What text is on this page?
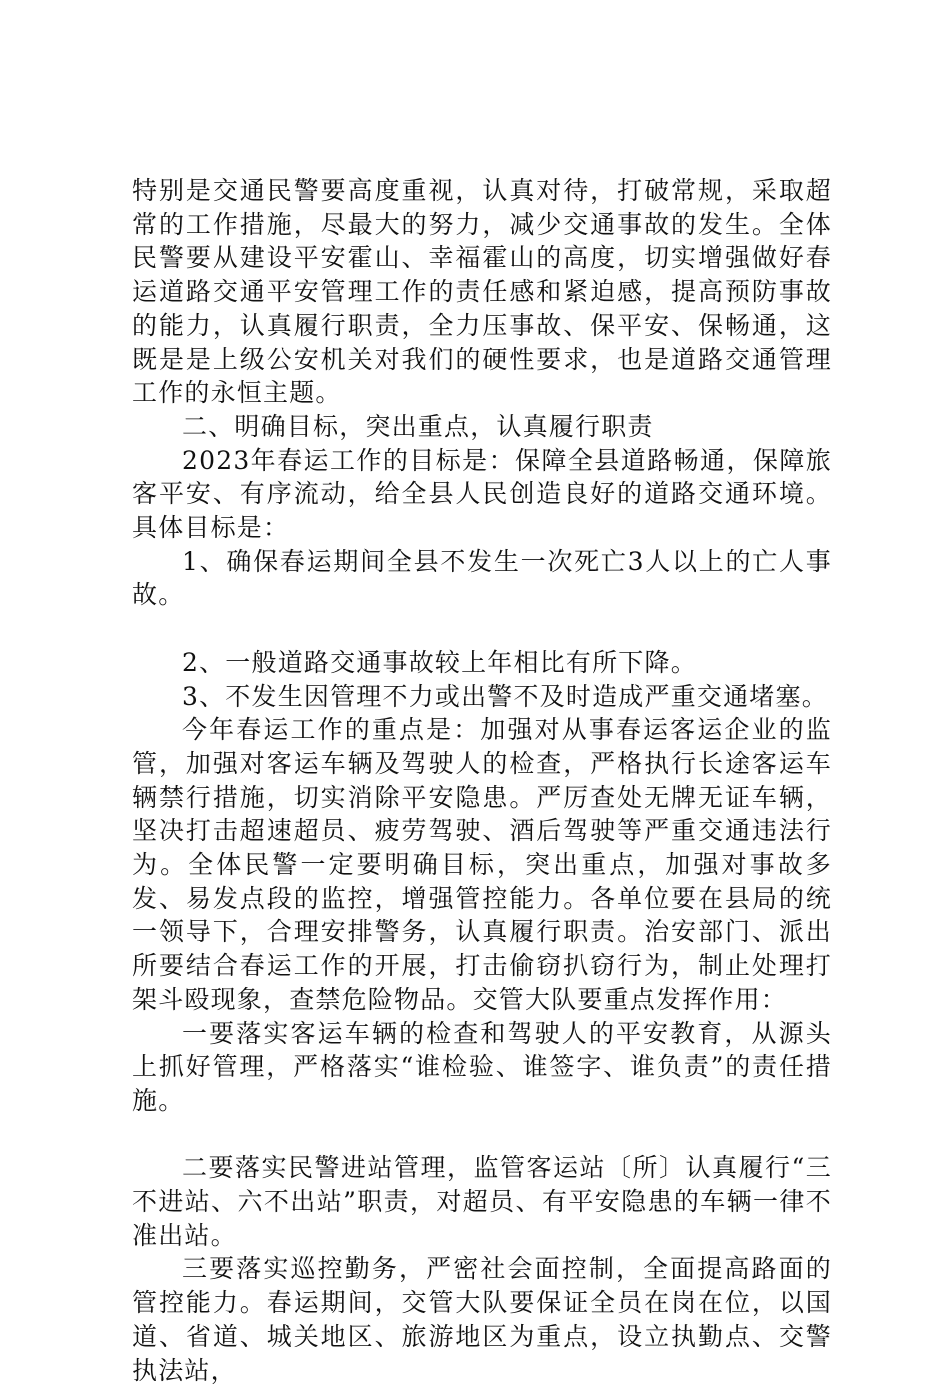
特别是交通民警要高度重视，认真对待，打破常规，采取超常的工作措施，尽最大的努力，减少交通事故的发生。全体民警要从建设平安霍山、幸福霍山的高度，切实增强做好春运道路交通平安管理工作的责任感和紧迫感，提高预防事故的能力，认真履行职责，全力压事故、保平安、保畅通，这既是是上级公安机关对我们的硬性要求，也是道路交通管理工作的永恒主题。

二、明确目标，突出重点，认真履行职责

2023年春运工作的目标是：保障全县道路畅通，保障旅客平安、有序流动，给全县人民创造良好的道路交通环境。具体目标是：

1、确保春运期间全县不发生一次死亡3人以上的亡人事故。

2、一般道路交通事故较上年相比有所下降。

3、不发生因管理不力或出警不及时造成严重交通堵塞。

今年春运工作的重点是：加强对从事春运客运企业的监管，加强对客运车辆及驾驶人的检查，严格执行长途客运车辆禁行措施，切实消除平安隐患。严厉查处无牌无证车辆，坚决打击超速超员、疲劳驾驶、酒后驾驶等严重交通违法行为。全体民警一定要明确目标，突出重点，加强对事故多发、易发点段的监控，增强管控能力。各单位要在县局的统一领导下，合理安排警务，认真履行职责。治安部门、派出所要结合春运工作的开展，打击偷窃扒窃行为，制止处理打架斗殴现象，查禁危险物品。交管大队要重点发挥作用：

一要落实客运车辆的检查和驾驶人的平安教育，从源头上抓好管理，严格落实“谁检验、谁签字、谁负责”的责任措施。

二要落实民警进站管理，监管客运站〔所〕认真履行“三不进站、六不出站”职责，对超员、有平安隐患的车辆一律不准出站。

三要落实巡控勤务，严密社会面控制，全面提高路面的管控能力。春运期间，交管大队要保证全员在岗在位，以国道、省道、城关地区、旅游地区为重点，设立执勤点、交警执法站，
